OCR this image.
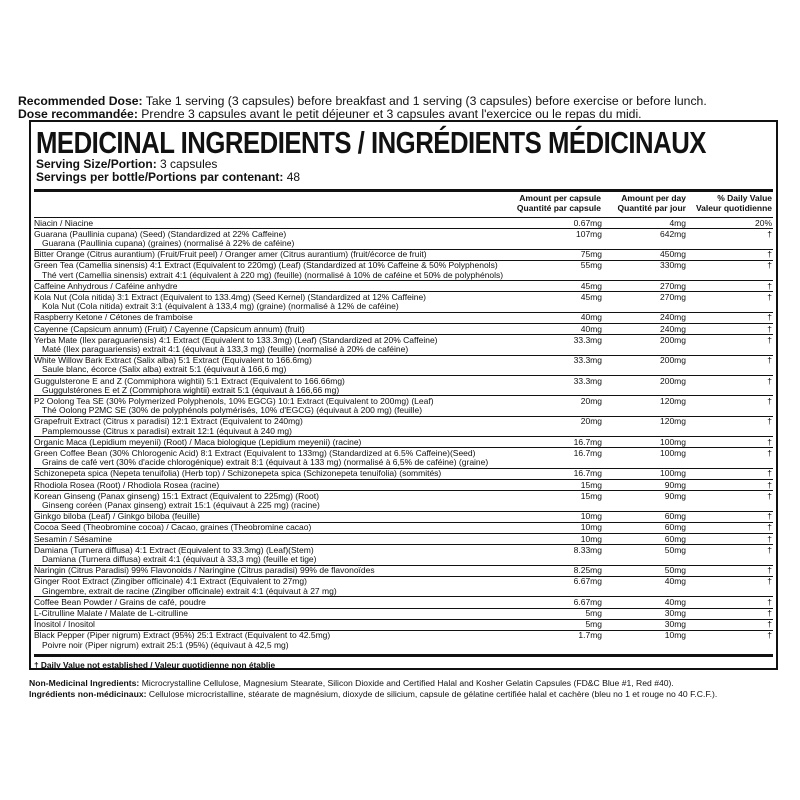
Recommended Dose: Take 1 serving (3 capsules) before breakfast and 1 serving (3 capsules) before exercise or before lunch.
Dose recommandée: Prendre 3 capsules avant le petit déjeuner et 3 capsules avant l'exercice ou le repas du midi.
MEDICINAL INGREDIENTS / INGRÉDIENTS MÉDICINAUX
Serving Size/Portion: 3 capsules
Servings per bottle/Portions par contenant: 48
Amount per capsule
Quantité par capsule
Amount per day
Quantité par jour
% Daily Value
Valeur quotidienne
Niacin / Niacine	0.67mg	4mg	20%
Guarana (Paullinia cupana) (Seed) (Standardized at 22% Caffeine)
Guarana (Paullinia cupana) (graines) (normalisé à 22% de caféine)
107mg	642mg	†
Bitter Orange (Citrus aurantium) (Fruit/Fruit peel) / Oranger amer (Citrus aurantium) (fruit/écorce de fruit)	75mg	450mg	†
Green Tea (Camellia sinensis) 4:1 Extract (Equivalent to 220mg) (Leaf) (Standardized at 10% Caffeine & 50% Polyphenols)
Thé vert (Camellia sinensis) extrait 4:1 (équivalent à 220 mg) (feuille) (normalisé à 10% de caféine et 50% de polyphénols)
55mg	330mg	†
Caffeine Anhydrous / Caféine anhydre	45mg	270mg	†
Kola Nut (Cola nitida) 3:1 Extract (Equivalent to 133.4mg) (Seed Kernel) (Standardized at 12% Caffeine)
Kola Nut (Cola nitida) extrait 3:1 (équivalent à 133,4 mg) (graine) (normalisé à 12% de caféine)
45mg	270mg	†
Raspberry Ketone / Cétones de framboise	40mg	240mg	†
Cayenne (Capsicum annum) (Fruit) / Cayenne (Capsicum annum) (fruit)	40mg	240mg	†
Yerba Mate (Ilex paraguariensis) 4:1 Extract (Equivalent to 133.3mg) (Leaf) (Standardized at 20% Caffeine)
Maté (Ilex paraguariensis) extrait 4:1 (équivaut à 133,3 mg) (feuille) (normalisé à 20% de caféine)
33.3mg	200mg	†
White Willow Bark Extract (Salix alba) 5:1 Extract (Equivalent to 166.6mg)
Saule blanc, écorce (Salix alba) extrait 5:1 (équivaut à 166,6 mg)
33.3mg	200mg	†
Guggulsterone E and Z (Commiphora wightii) 5:1 Extract (Equivalent to 166.66mg)
Guggulstérones E et Z (Commiphora wightii) extrait 5:1 (équivaut à 166,66 mg)
33.3mg	200mg	†
P2 Oolong Tea SE (30% Polymerized Polyphenols, 10% EGCG) 10:1 Extract (Equivalent to 200mg) (Leaf)
Thé Oolong P2MC SE (30% de polyphénols polymérisés, 10% d'EGCG) (équivaut à 200 mg) (feuille)
20mg	120mg	†
Grapefruit Extract (Citrus x paradisi) 12:1 Extract (Equivalent to 240mg)
Pamplemousse (Citrus x paradisi) extrait 12:1 (équivaut à 240 mg)
20mg	120mg	†
Organic Maca (Lepidium meyenii) (Root) / Maca biologique (Lepidium meyenii) (racine)	16.7mg	100mg	†
Green Coffee Bean (30% Chlorogenic Acid) 8:1 Extract (Equivalent to 133mg) (Standardized at 6.5% Caffeine)(Seed)
Grains de café vert (30% d'acide chlorogénique) extrait 8:1 (équivaut à 133 mg) (normalisé à 6,5% de caféine) (graine)
16.7mg	100mg	†
Schizonepeta spica (Nepeta tenuifolia) (Herb top) / Schizonepeta spica (Schizonepeta tenuifolia) (sommités)	16.7mg	100mg	†
Rhodiola Rosea (Root) / Rhodiola Rosea (racine)	15mg	90mg	†
Korean Ginseng (Panax ginseng) 15:1 Extract (Equivalent to 225mg) (Root)
Ginseng coréen (Panax ginseng) extrait 15:1 (équivaut à 225 mg) (racine)
15mg	90mg	†
Ginkgo biloba (Leaf) / Ginkgo biloba (feuille)	10mg	60mg	†
Cocoa Seed (Theobromine cocoa) / Cacao, graines (Theobromine cacao)	10mg	60mg	†
Sesamin / Sésamine	10mg	60mg	†
Damiana (Turnera diffusa) 4:1 Extract (Equivalent to 33.3mg) (Leaf)(Stem)
Damiana (Turnera diffusa) extrait 4:1 (équivaut à 33,3 mg) (feuille et tige)
8.33mg	50mg	†
Naringin (Citrus Paradisi) 99% Flavonoids / Naringine (Citrus paradisi) 99% de flavonoïdes	8.25mg	50mg	†
Ginger Root Extract (Zingiber officinale) 4:1 Extract (Equivalent to 27mg)
Gingembre, extrait de racine (Zingiber officinale) extrait 4:1 (équivaut à 27 mg)
6.67mg	40mg	†
Coffee Bean Powder / Grains de café, poudre	6.67mg	40mg	†
L-Citrulline Malate / Malate de L-citrulline	5mg	30mg	†
Inositol / Inositol	5mg	30mg	†
Black Pepper (Piper nigrum) Extract (95%) 25:1 Extract (Equivalent to 42.5mg)
Poivre noir (Piper nigrum) extrait 25:1 (95%) (équivaut à 42,5 mg)
1.7mg	10mg	†
† Daily Value not established / Valeur quotidienne non établie
Non-Medicinal Ingredients: Microcrystalline Cellulose, Magnesium Stearate, Silicon Dioxide and Certified Halal and Kosher Gelatin Capsules (FD&C Blue #1, Red #40).
Ingrédients non-médicinaux: Cellulose microcristalline, stéarate de magnésium, dioxyde de silicium, capsule de gélatine certifiée halal et cachère (bleu no 1 et rouge no 40 F.C.F.).
